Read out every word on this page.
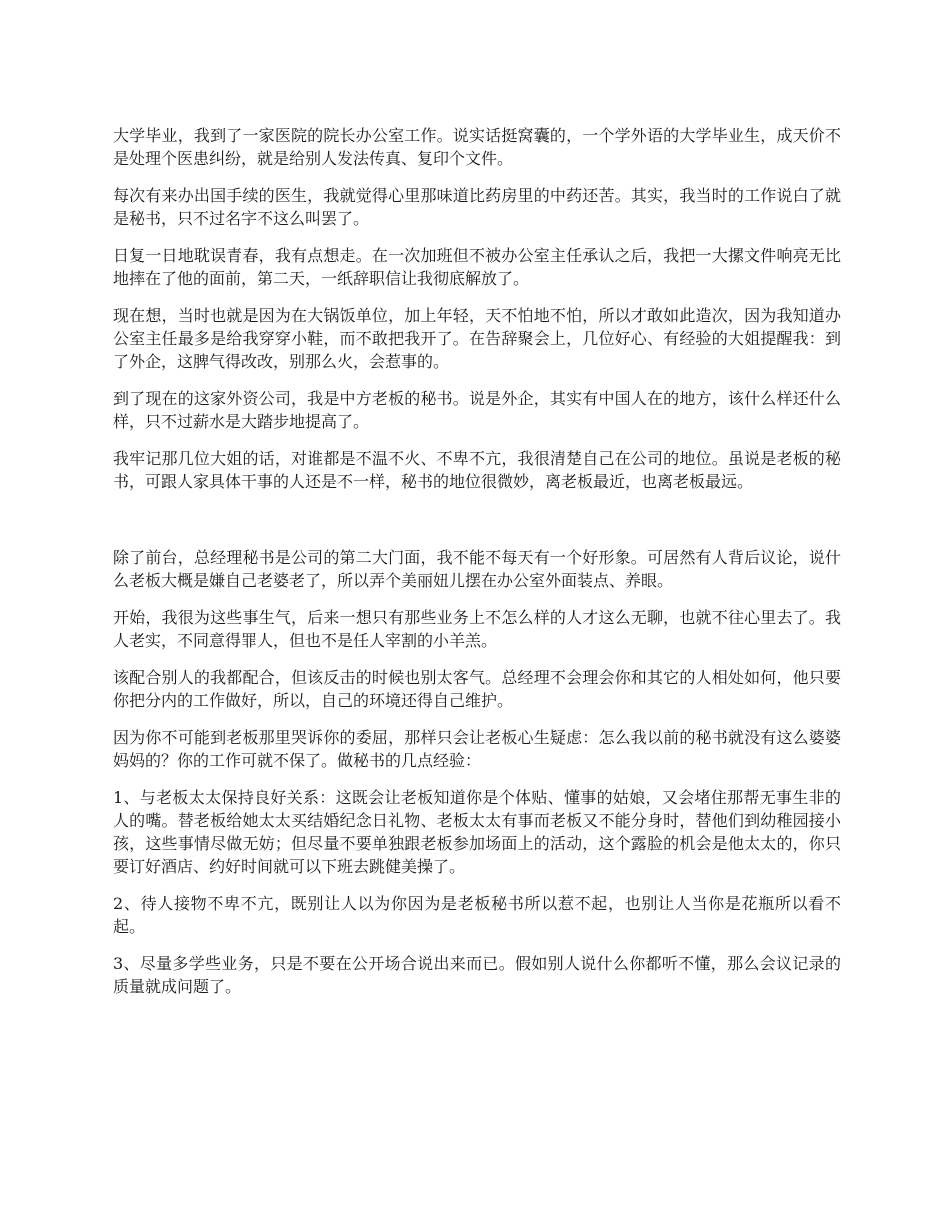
大学毕业，我到了一家医院的院长办公室工作。说实话挺窝囊的，一个学外语的大学毕业生，成天价不是处理个医患纠纷，就是给别人发法传真、复印个文件。

每次有来办出国手续的医生，我就觉得心里那味道比药房里的中药还苦。其实，我当时的工作说白了就是秘书，只不过名字不这么叫罢了。

日复一日地耽误青春，我有点想走。在一次加班但不被办公室主任承认之后，我把一大摞文件响亮无比地摔在了他的面前，第二天，一纸辞职信让我彻底解放了。

现在想，当时也就是因为在大锅饭单位，加上年轻，天不怕地不怕，所以才敢如此造次，因为我知道办公室主任最多是给我穿穿小鞋，而不敢把我开了。在告辞聚会上，几位好心、有经验的大姐提醒我：到了外企，这脾气得改改，别那么火，会惹事的。

到了现在的这家外资公司，我是中方老板的秘书。说是外企，其实有中国人在的地方，该什么样还什么样，只不过薪水是大踏步地提高了。

我牢记那几位大姐的话，对谁都是不温不火、不卑不亢，我很清楚自己在公司的地位。虽说是老板的秘书，可跟人家具体干事的人还是不一样，秘书的地位很微妙，离老板最近，也离老板最远。

除了前台，总经理秘书是公司的第二大门面，我不能不每天有一个好形象。可居然有人背后议论，说什么老板大概是嫌自己老婆老了，所以弄个美丽妞儿摆在办公室外面装点、养眼。

开始，我很为这些事生气，后来一想只有那些业务上不怎么样的人才这么无聊，也就不往心里去了。我人老实，不同意得罪人，但也不是任人宰割的小羊羔。

该配合别人的我都配合，但该反击的时候也别太客气。总经理不会理会你和其它的人相处如何，他只要你把分内的工作做好，所以，自己的环境还得自己维护。

因为你不可能到老板那里哭诉你的委屈，那样只会让老板心生疑虑：怎么我以前的秘书就没有这么婆婆妈妈的？你的工作可就不保了。做秘书的几点经验：

1、与老板太太保持良好关系：这既会让老板知道你是个体贴、懂事的姑娘，又会堵住那帮无事生非的人的嘴。替老板给她太太买结婚纪念日礼物、老板太太有事而老板又不能分身时，替他们到幼稚园接小孩，这些事情尽做无妨；但尽量不要单独跟老板参加场面上的活动，这个露脸的机会是他太太的，你只要订好酒店、约好时间就可以下班去跳健美操了。

2、待人接物不卑不亢，既别让人以为你因为是老板秘书所以惹不起，也别让人当你是花瓶所以看不起。

3、尽量多学些业务，只是不要在公开场合说出来而已。假如别人说什么你都听不懂，那么会议记录的质量就成问题了。
